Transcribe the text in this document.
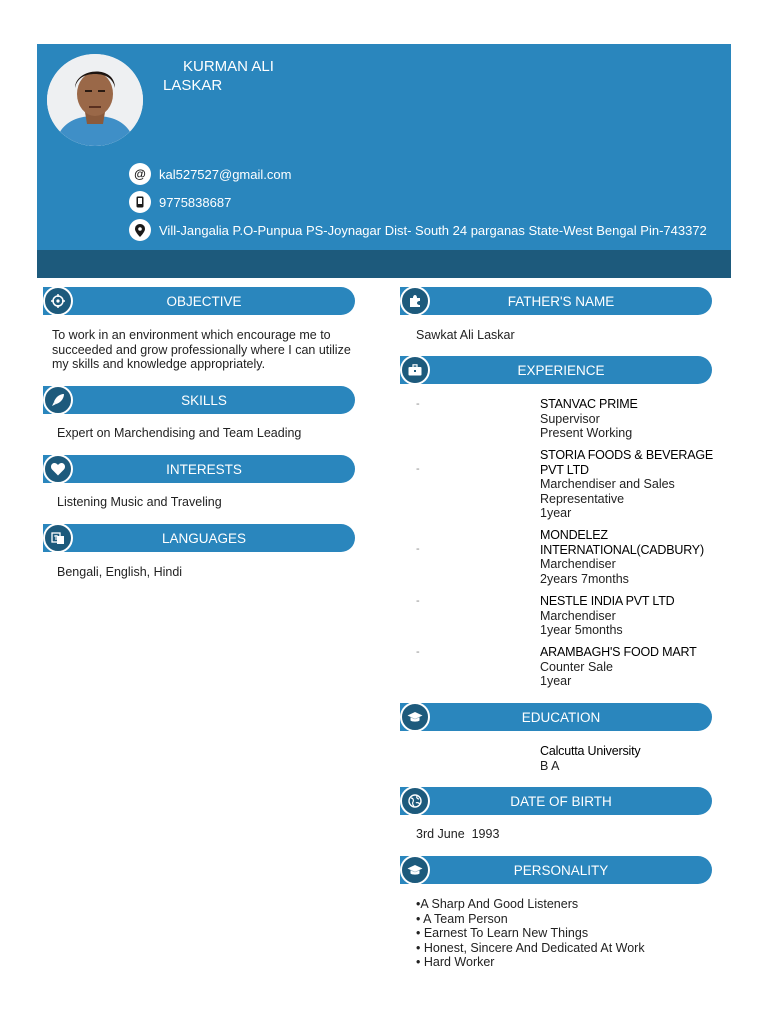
KURMAN ALI
LASKAR
@	kal527527@gmail.com
9775838687
Vill-Jangalia P.O-Punpua PS-Joynagar Dist- South 24 parganas State-West Bengal Pin-743372
OBJECTIVE
To work in an environment which encourage me to succeeded and grow professionally where I can utilize my skills and knowledge appropriately.
SKILLS
Expert on Marchendising and Team Leading
INTERESTS
Listening Music and Traveling
LANGUAGES
Bengali, English, Hindi
FATHER'S NAME
Sawkat Ali Laskar
EXPERIENCE
-	STANVAC PRIME
Supervisor
Present Working
-
STORIA FOODS & BEVERAGE PVT LTD
Marchendiser and Sales Representative
1year
-
MONDELEZ INTERNATIONAL(CADBURY)
Marchendiser
2years 7months
-	NESTLE INDIA PVT LTD
Marchendiser
1year 5months
-	ARAMBAGH'S FOOD MART
Counter Sale
1year
EDUCATION
Calcutta University
B A
DATE OF BIRTH
3rd June  1993
PERSONALITY
•A Sharp And Good Listeners
• A Team Person
• Earnest To Learn New Things
• Honest, Sincere And Dedicated At Work
• Hard Worker
